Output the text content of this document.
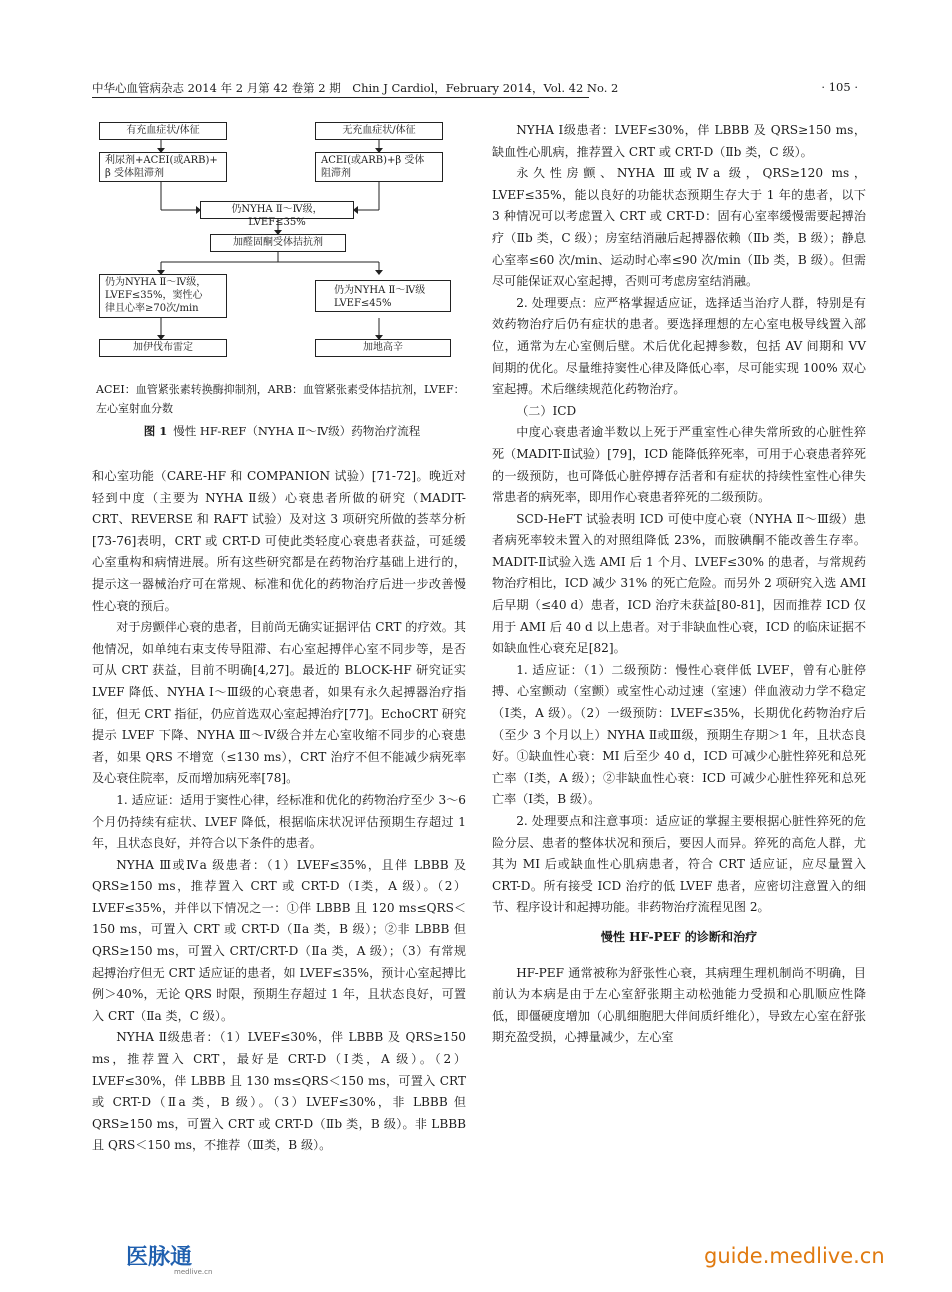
中华心血管病杂志 2014 年 2 月第 42 卷第 2 期　Chin J Cardiol，February 2014，Vol. 42 No. 2	· 105 ·
有充血症状/体征	无充血症状/体征
利尿剂+ACEI(或ARB)+
β 受体阻滞剂
ACEI(或ARB)+β 受体
阻滞剂
仍NYHA Ⅱ～Ⅳ级，LVEF≤35%
加醛固酮受体拮抗剂
仍为NYHA Ⅱ～Ⅳ级，
LVEF≤35%，窦性心
律且心率≥70次/min
仍为NYHA Ⅱ～Ⅳ级
LVEF≤45%
加伊伐布雷定	加地高辛
ACEI：血管紧张素转换酶抑制剂，ARB：血管紧张素受体拮抗剂，LVEF：左心室射血分数
图 1 慢性 HF-REF（NYHA Ⅱ～Ⅳ级）药物治疗流程

和心室功能（CARE-HF 和 COMPANION 试验）[71-72]。晚近对轻到中度（主要为 NYHA Ⅱ级）心衰患者所做的研究（MADIT-CRT、REVERSE 和 RAFT 试验）及对这 3 项研究所做的荟萃分析[73-76]表明，CRT 或 CRT-D 可使此类轻度心衰患者获益，可延缓心室重构和病情进展。所有这些研究都是在药物治疗基础上进行的，提示这一器械治疗可在常规、标准和优化的药物治疗后进一步改善慢性心衰的预后。

对于房颤伴心衰的患者，目前尚无确实证据评估 CRT 的疗效。其他情况，如单纯右束支传导阻滞、右心室起搏伴心室不同步等，是否可从 CRT 获益，目前不明确[4,27]。最近的 BLOCK-HF 研究证实 LVEF 降低、NYHA Ⅰ～Ⅲ级的心衰患者，如果有永久起搏器治疗指征，但无 CRT 指征，仍应首选双心室起搏治疗[77]。EchoCRT 研究提示 LVEF 下降、NYHA Ⅲ～Ⅳ级合并左心室收缩不同步的心衰患者，如果 QRS 不增宽（≤130 ms），CRT 治疗不但不能减少病死率及心衰住院率，反而增加病死率[78]。

1. 适应证：适用于窦性心律，经标准和优化的药物治疗至少 3～6 个月仍持续有症状、LVEF 降低，根据临床状况评估预期生存超过 1 年，且状态良好，并符合以下条件的患者。

NYHA Ⅲ或Ⅳa 级患者：（1）LVEF≤35%，且伴 LBBB 及 QRS≥150 ms，推荐置入 CRT 或 CRT-D（Ⅰ类，A 级）。（2）LVEF≤35%，并伴以下情况之一：①伴 LBBB 且 120 ms≤QRS＜150 ms，可置入 CRT 或 CRT-D（Ⅱa 类，B 级）；②非 LBBB 但 QRS≥150 ms，可置入 CRT/CRT-D（Ⅱa 类，A 级）；（3）有常规起搏治疗但无 CRT 适应证的患者，如 LVEF≤35%，预计心室起搏比例＞40%，无论 QRS 时限，预期生存超过 1 年，且状态良好，可置入 CRT（Ⅱa 类，C 级）。

NYHA Ⅱ级患者：（1）LVEF≤30%，伴 LBBB 及 QRS≥150 ms，推荐置入 CRT，最好是 CRT-D（Ⅰ类，A 级）。（2）LVEF≤30%，伴 LBBB 且 130 ms≤QRS＜150 ms，可置入 CRT 或 CRT-D（Ⅱa 类，B 级）。（3）LVEF≤30%，非 LBBB 但 QRS≥150 ms，可置入 CRT 或 CRT-D（Ⅱb 类，B 级）。非 LBBB 且 QRS＜150 ms，不推荐（Ⅲ类，B 级）。

NYHA Ⅰ级患者：LVEF≤30%，伴 LBBB 及 QRS≥150 ms，缺血性心肌病，推荐置入 CRT 或 CRT-D（Ⅱb 类，C 级）。

永久性房颤、NYHA Ⅲ或Ⅳa 级，QRS≥120 ms，LVEF≤35%，能以良好的功能状态预期生存大于 1 年的患者，以下 3 种情况可以考虑置入 CRT 或 CRT-D：固有心室率缓慢需要起搏治疗（Ⅱb 类，C 级）；房室结消融后起搏器依赖（Ⅱb 类，B 级）；静息心室率≤60 次/min、运动时心率≤90 次/min（Ⅱb 类，B 级）。但需尽可能保证双心室起搏，否则可考虑房室结消融。

2. 处理要点：应严格掌握适应证，选择适当治疗人群，特别是有效药物治疗后仍有症状的患者。要选择理想的左心室电极导线置入部位，通常为左心室侧后壁。术后优化起搏参数，包括 AV 间期和 VV 间期的优化。尽量维持窦性心律及降低心率，尽可能实现 100% 双心室起搏。术后继续规范化药物治疗。

（二）ICD

中度心衰患者逾半数以上死于严重室性心律失常所致的心脏性猝死（MADIT-Ⅱ试验）[79]，ICD 能降低猝死率，可用于心衰患者猝死的一级预防，也可降低心脏停搏存活者和有症状的持续性室性心律失常患者的病死率，即用作心衰患者猝死的二级预防。

SCD-HeFT 试验表明 ICD 可使中度心衰（NYHA Ⅱ～Ⅲ级）患者病死率较未置入的对照组降低 23%，而胺碘酮不能改善生存率。MADIT-Ⅱ试验入选 AMI 后 1 个月、LVEF≤30% 的患者，与常规药物治疗相比，ICD 减少 31% 的死亡危险。而另外 2 项研究入选 AMI 后早期（≤40 d）患者，ICD 治疗未获益[80-81]，因而推荐 ICD 仅用于 AMI 后 40 d 以上患者。对于非缺血性心衰，ICD 的临床证据不如缺血性心衰充足[82]。

1. 适应证：（1）二级预防：慢性心衰伴低 LVEF，曾有心脏停搏、心室颤动（室颤）或室性心动过速（室速）伴血液动力学不稳定（Ⅰ类，A 级）。（2）一级预防：LVEF≤35%，长期优化药物治疗后（至少 3 个月以上）NYHA Ⅱ或Ⅲ级，预期生存期＞1 年，且状态良好。①缺血性心衰：MI 后至少 40 d，ICD 可减少心脏性猝死和总死亡率（Ⅰ类，A 级）；②非缺血性心衰：ICD 可减少心脏性猝死和总死亡率（Ⅰ类，B 级）。

2. 处理要点和注意事项：适应证的掌握主要根据心脏性猝死的危险分层、患者的整体状况和预后，要因人而异。猝死的高危人群，尤其为 MI 后或缺血性心肌病患者，符合 CRT 适应证，应尽量置入 CRT-D。所有接受 ICD 治疗的低 LVEF 患者，应密切注意置入的细节、程序设计和起搏功能。非药物治疗流程见图 2。

慢性 HF-PEF 的诊断和治疗

HF-PEF 通常被称为舒张性心衰，其病理生理机制尚不明确，目前认为本病是由于左心室舒张期主动松弛能力受损和心肌顺应性降低，即僵硬度增加（心肌细胞肥大伴间质纤维化），导致左心室在舒张期充盈受损，心搏量减少，左心室

医脉通
medlive.cn
guide.medlive.cn
